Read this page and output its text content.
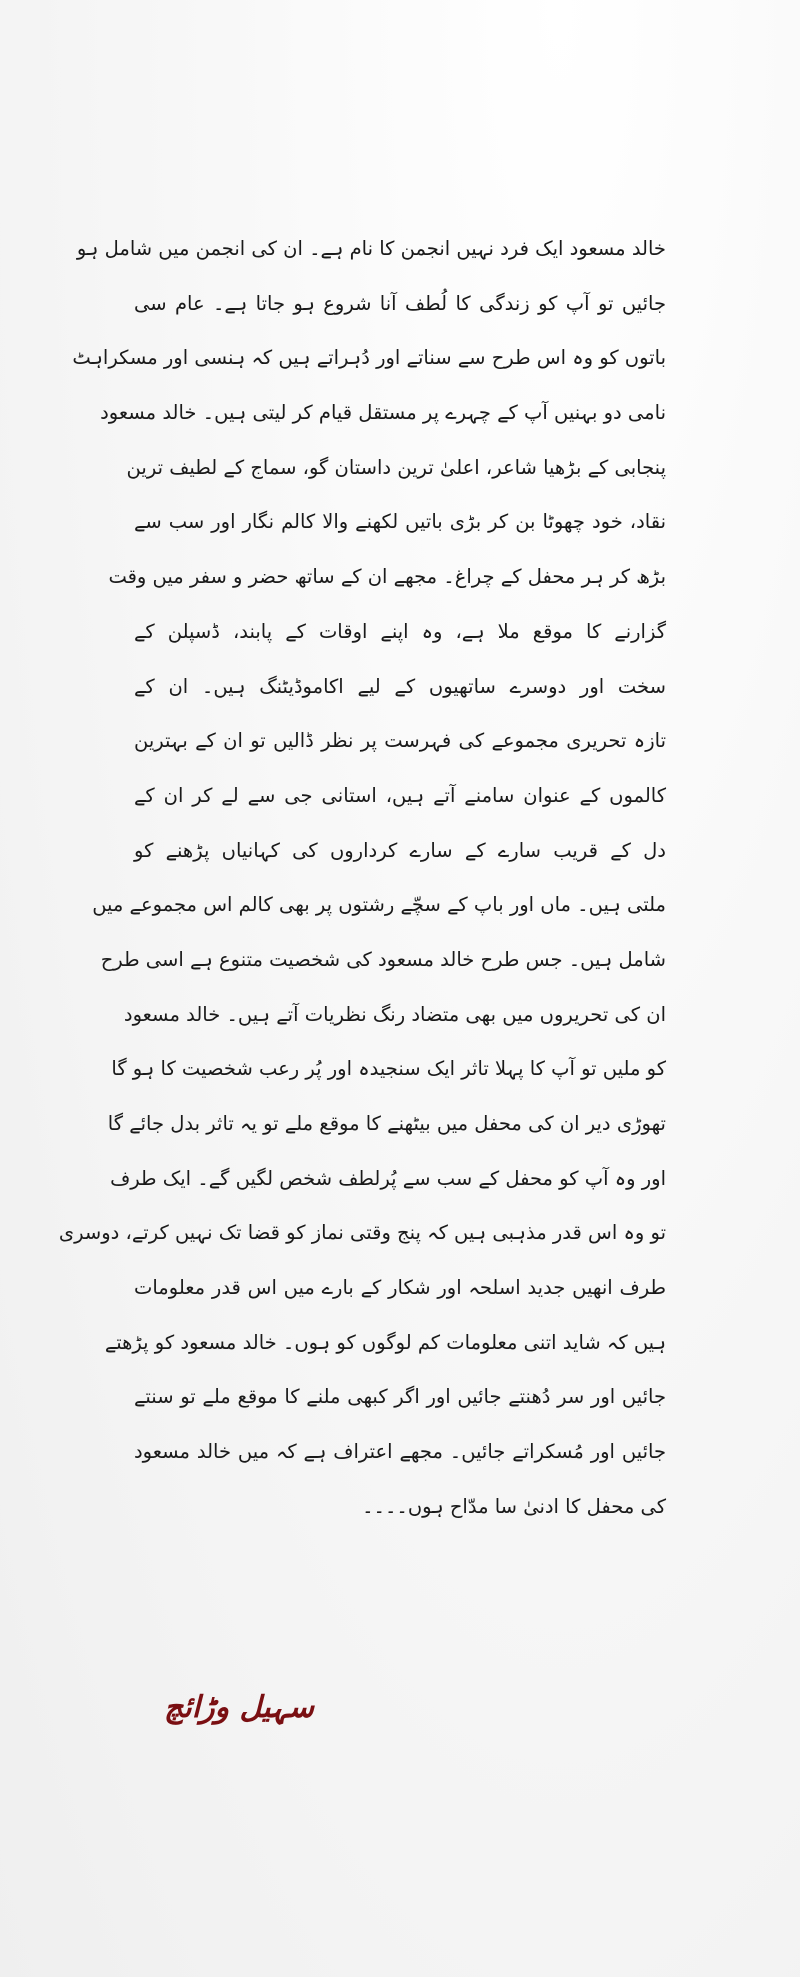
خالد مسعود ایک فرد نہیں انجمن کا نام ہے۔ ان کی انجمن میں شامل ہو
جائیں تو آپ کو زندگی کا لُطف آنا شروع ہو جاتا ہے۔ عام سی
باتوں کو وہ اس طرح سے سناتے اور دُہراتے ہیں کہ ہنسی اور مسکراہٹ
نامی دو بہنیں آپ کے چہرے پر مستقل قیام کر لیتی ہیں۔ خالد مسعود
پنجابی کے بڑھیا شاعر، اعلیٰ ترین داستان گو، سماج کے لطیف ترین
نقاد، خود چھوٹا بن کر بڑی باتیں لکھنے والا کالم نگار اور سب سے
بڑھ کر ہر محفل کے چراغ۔ مجھے ان کے ساتھ حضر و سفر میں وقت
گزارنے کا موقع ملا ہے، وہ اپنے اوقات کے پابند، ڈسپلن کے
سخت اور دوسرے ساتھیوں کے لیے اکاموڈیٹنگ ہیں۔ ان کے
تازہ تحریری مجموعے کی فہرست پر نظر ڈالیں تو ان کے بہترین
کالموں کے عنوان سامنے آتے ہیں، استانی جی سے لے کر ان کے
دل کے قریب سارے کے سارے کرداروں کی کہانیاں پڑھنے کو
ملتی ہیں۔ ماں اور باپ کے سچّے رشتوں پر بھی کالم اس مجموعے میں
شامل ہیں۔ جس طرح خالد مسعود کی شخصیت متنوع ہے اسی طرح
ان کی تحریروں میں بھی متضاد رنگ نظریات آتے ہیں۔ خالد مسعود
کو ملیں تو آپ کا پہلا تاثر ایک سنجیدہ اور پُر رعب شخصیت کا ہو گا
تھوڑی دیر ان کی محفل میں بیٹھنے کا موقع ملے تو یہ تاثر بدل جائے گا
اور وہ آپ کو محفل کے سب سے پُرلطف شخص لگیں گے۔ ایک طرف
تو وہ اس قدر مذہبی ہیں کہ پنج وقتی نماز کو قضا تک نہیں کرتے، دوسری
طرف انھیں جدید اسلحہ اور شکار کے بارے میں اس قدر معلومات
ہیں کہ شاید اتنی معلومات کم لوگوں کو ہوں۔ خالد مسعود کو پڑھتے
جائیں اور سر دُھنتے جائیں اور اگر کبھی ملنے کا موقع ملے تو سنتے
جائیں اور مُسکراتے جائیں۔ مجھے اعتراف ہے کہ میں خالد مسعود
کی محفل کا ادنیٰ سا مدّاح ہوں۔۔۔۔
سہیل وڑائچ
